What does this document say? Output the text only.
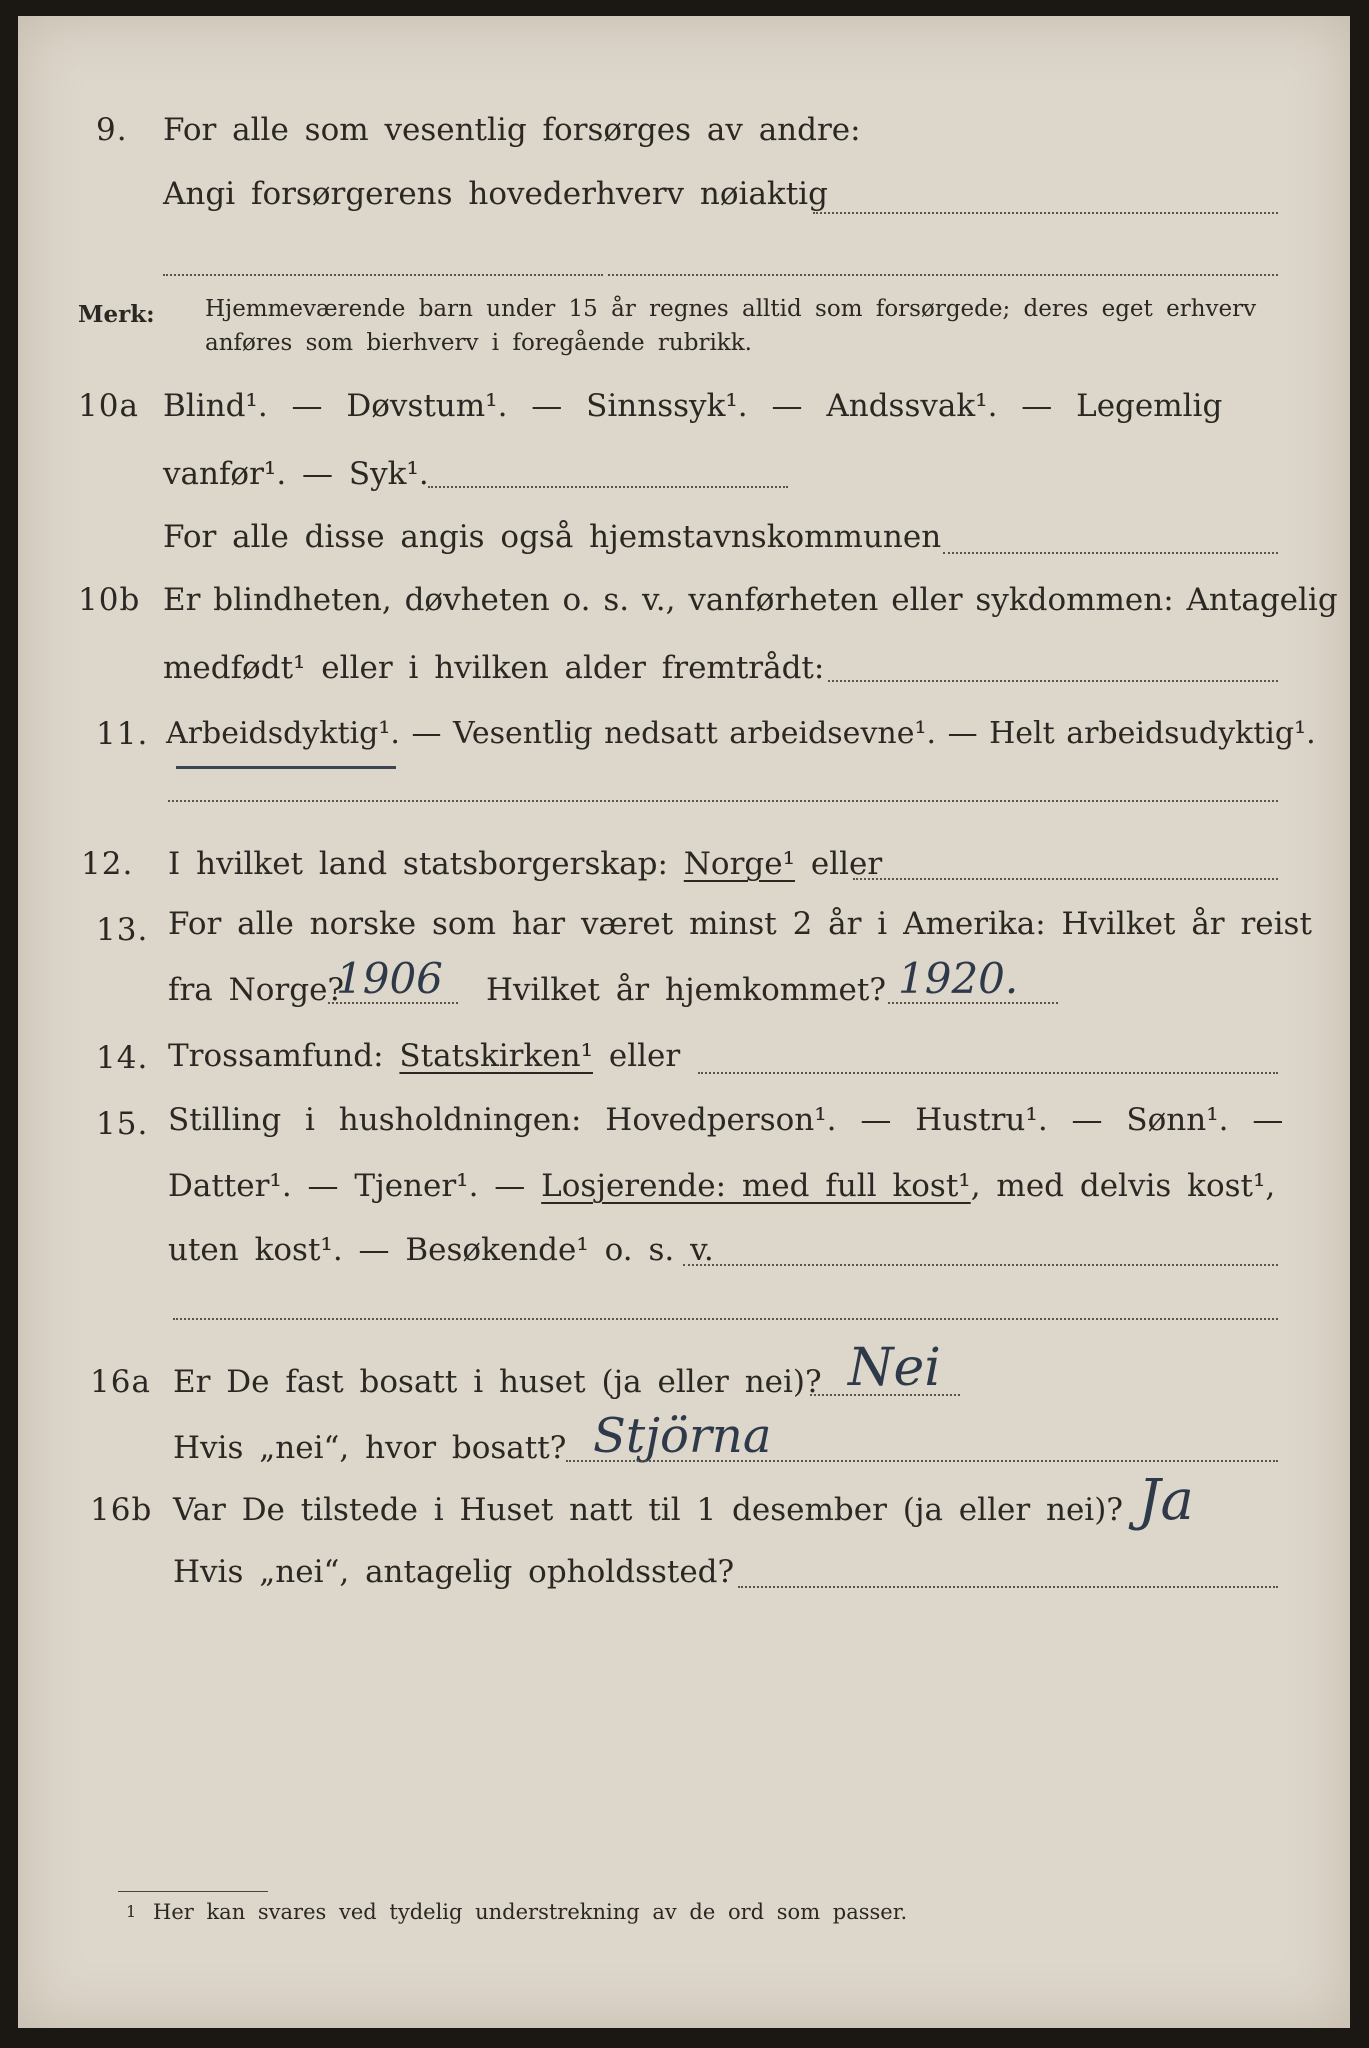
9. For alle som vesentlig forsørges av andre:
Angi forsørgerens hovederhverv nøiaktig
Merk: Hjemmeværende barn under 15 år regnes alltid som forsørgede; deres eget erhverv
anføres som bierhverv i foregående rubrikk.
10a Blind¹. — Døvstum¹. — Sinnssyk¹. — Andssvak¹. — Legemlig
vanfør¹. — Syk¹.
For alle disse angis også hjemstavnskommunen
10b Er blindheten, døvheten o. s. v., vanførheten eller sykdommen: Antagelig
medfødt¹ eller i hvilken alder fremtrådt:
11. Arbeidsdyktig¹. — Vesentlig nedsatt arbeidsevne¹. — Helt arbeidsudyktig¹.
12. I hvilket land statsborgerskap: Norge¹ eller
13. For alle norske som har været minst 2 år i Amerika: Hvilket år reist
fra Norge?
1906 Hvilket år hjemkommet? 1920.
14. Trossamfund: Statskirken¹ eller
15. Stilling i husholdningen: Hovedperson¹. — Hustru¹. — Sønn¹. —
Datter¹. — Tjener¹. — Losjerende: med full kost¹, med delvis kost¹,
uten kost¹. — Besøkende¹ o. s. v.
16a Er De fast bosatt i huset (ja eller nei)? Nei
Hvis „nei“, hvor bosatt? Stjörna
16b Var De tilstede i Huset natt til 1 desember (ja eller nei)? Ja
Hvis „nei“, antagelig opholdssted?
1 Her kan svares ved tydelig understrekning av de ord som passer.
